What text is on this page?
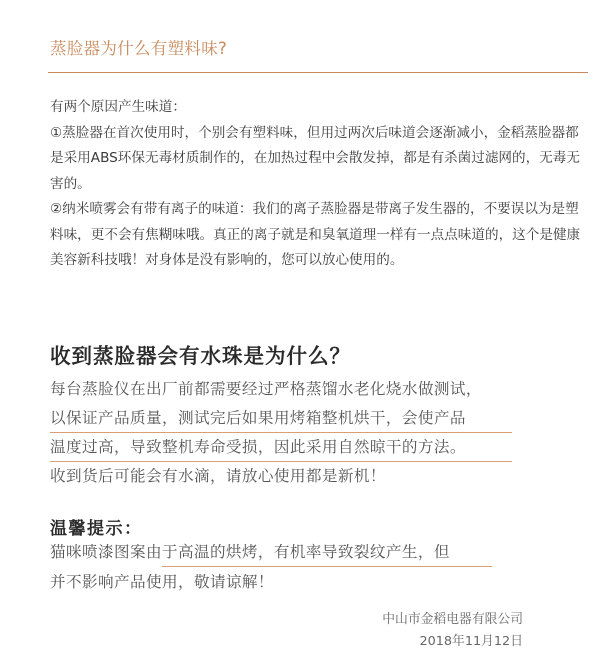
蒸脸器为什么有塑料味?

有两个原因产生味道：

①蒸脸器在首次使用时，个别会有塑料味，但用过两次后味道会逐渐减小，金稻蒸脸器都是采用ABS环保无毒材质制作的，在加热过程中会散发掉，都是有杀菌过滤网的，无毒无害的。

②纳米喷雾会有带有离子的味道：我们的离子蒸脸器是带离子发生器的，不要误以为是塑料味，更不会有焦糊味哦。真正的离子就是和臭氧道理一样有一点点味道的，这个是健康美容新科技哦！对身体是没有影响的，您可以放心使用的。

收到蒸脸器会有水珠是为什么？
每台蒸脸仪在出厂前都需要经过严格蒸馏水老化烧水做测试，
以保证产品质量，测试完后如果用烤箱整机烘干，会使产品
温度过高，导致整机寿命受损，因此采用自然晾干的方法。
收到货后可能会有水滴，请放心使用都是新机！
温馨提示：
猫咪喷漆图案由于高温的烘烤，有机率导致裂纹产生，但
并不影响产品使用，敬请谅解！
中山市金稻电器有限公司
2018年11月12日
